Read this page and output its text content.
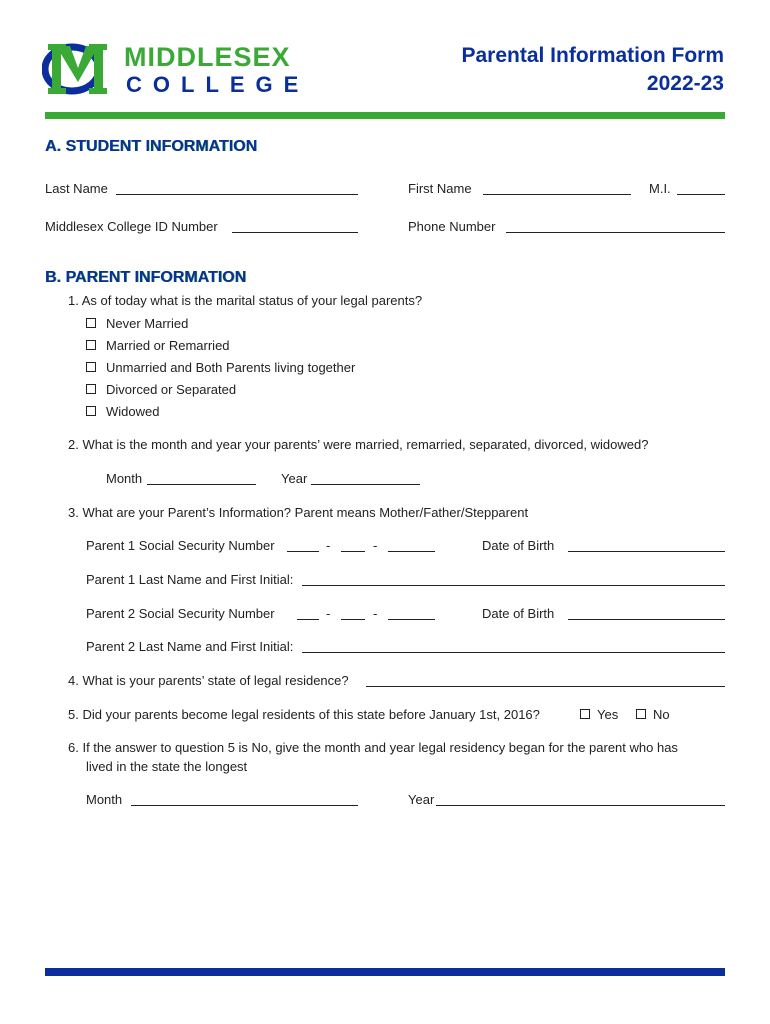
MIDDLESEX
COLLEGE
Parental Information Form
2022-23
A. STUDENT INFORMATION
Last Name	First Name	M.I.
Middlesex College ID Number	Phone Number
B. PARENT INFORMATION
1. As of today what is the marital status of your legal parents?
Never Married
Married or Remarried
Unmarried and Both Parents living together
Divorced or Separated
Widowed
2. What is the month and year your parents’ were married, remarried, separated, divorced, widowed?
Month	Year
3. What are your Parent’s Information? Parent means Mother/Father/Stepparent
Parent 1 Social Security Number	-	-	Date of Birth
Parent 1 Last Name and First Initial:
Parent 2 Social Security Number	-	-	Date of Birth
Parent 2 Last Name and First Initial:
4. What is your parents’ state of legal residence?
5. Did your parents become legal residents of this state before January 1st, 2016?	Yes	No
6. If the answer to question 5 is No, give the month and year legal residency began for the parent who has
lived in the state the longest
Month	Year
